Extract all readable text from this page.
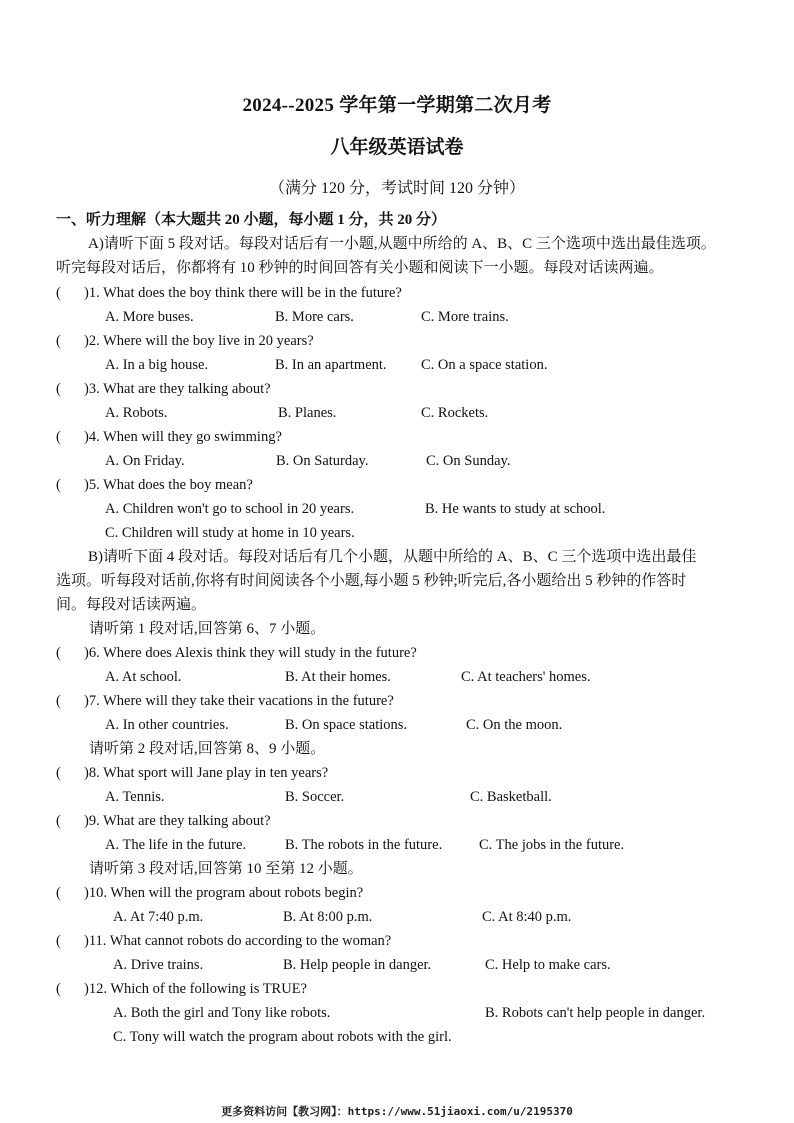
2024--2025 学年第一学期第二次月考
八年级英语试卷
（满分 120 分，考试时间 120 分钟）
一、听力理解（本大题共 20 小题，每小题 1 分，共 20 分）
A)请听下面 5 段对话。每段对话后有一小题,从题中所给的 A、B、C 三个选项中选出最佳选项。
听完每段对话后，你都将有 10 秒钟的时间回答有关小题和阅读下一小题。每段对话读两遍。
( )1. What does the boy think there will be in the future?
A. More buses.	B. More cars.	C. More trains.
( )2. Where will the boy live in 20 years?
A. In a big house.	B. In an apartment. C. On a space station.
( )3. What are they talking about?
A. Robots.	B. Planes.	C. Rockets.
( )4. When will they go swimming?
A. On Friday.	B. On Saturday.	C. On Sunday.
( )5. What does the boy mean?
A. Children won't go to school in 20 years.	B. He wants to study at school.
C. Children will study at home in 10 years.
B)请听下面 4 段对话。每段对话后有几个小题，从题中所给的 A、B、C 三个选项中选出最佳
选项。听每段对话前,你将有时间阅读各个小题,每小题 5 秒钟;听完后,各小题给出 5 秒钟的作答时
间。每段对话读两遍。
请听第 1 段对话,回答第 6、7 小题。
( )6. Where does Alexis think they will study in the future?
A. At school.	B. At their homes.	C. At teachers' homes.
( )7. Where will they take their vacations in the future?
A. In other countries.	B. On space stations.	C. On the moon.
请听第 2 段对话,回答第 8、9 小题。
( )8. What sport will Jane play in ten years?
A. Tennis.	B. Soccer.	C. Basketball.
( )9. What are they talking about?
A. The life in the future.	B. The robots in the future.	C. The jobs in the future.
请听第 3 段对话,回答第 10 至第 12 小题。
( )10. When will the program about robots begin?
A. At 7:40 p.m.	B. At 8:00 p.m.	C. At 8:40 p.m.
( )11. What cannot robots do according to the woman?
A. Drive trains.	B. Help people in danger.	C. Help to make cars.
( )12. Which of the following is TRUE?
A. Both the girl and Tony like robots.	B. Robots can't help people in danger.
C. Tony will watch the program about robots with the girl.
更多资料访问【教习网】：https://www.51jiaoxi.com/u/2195370
